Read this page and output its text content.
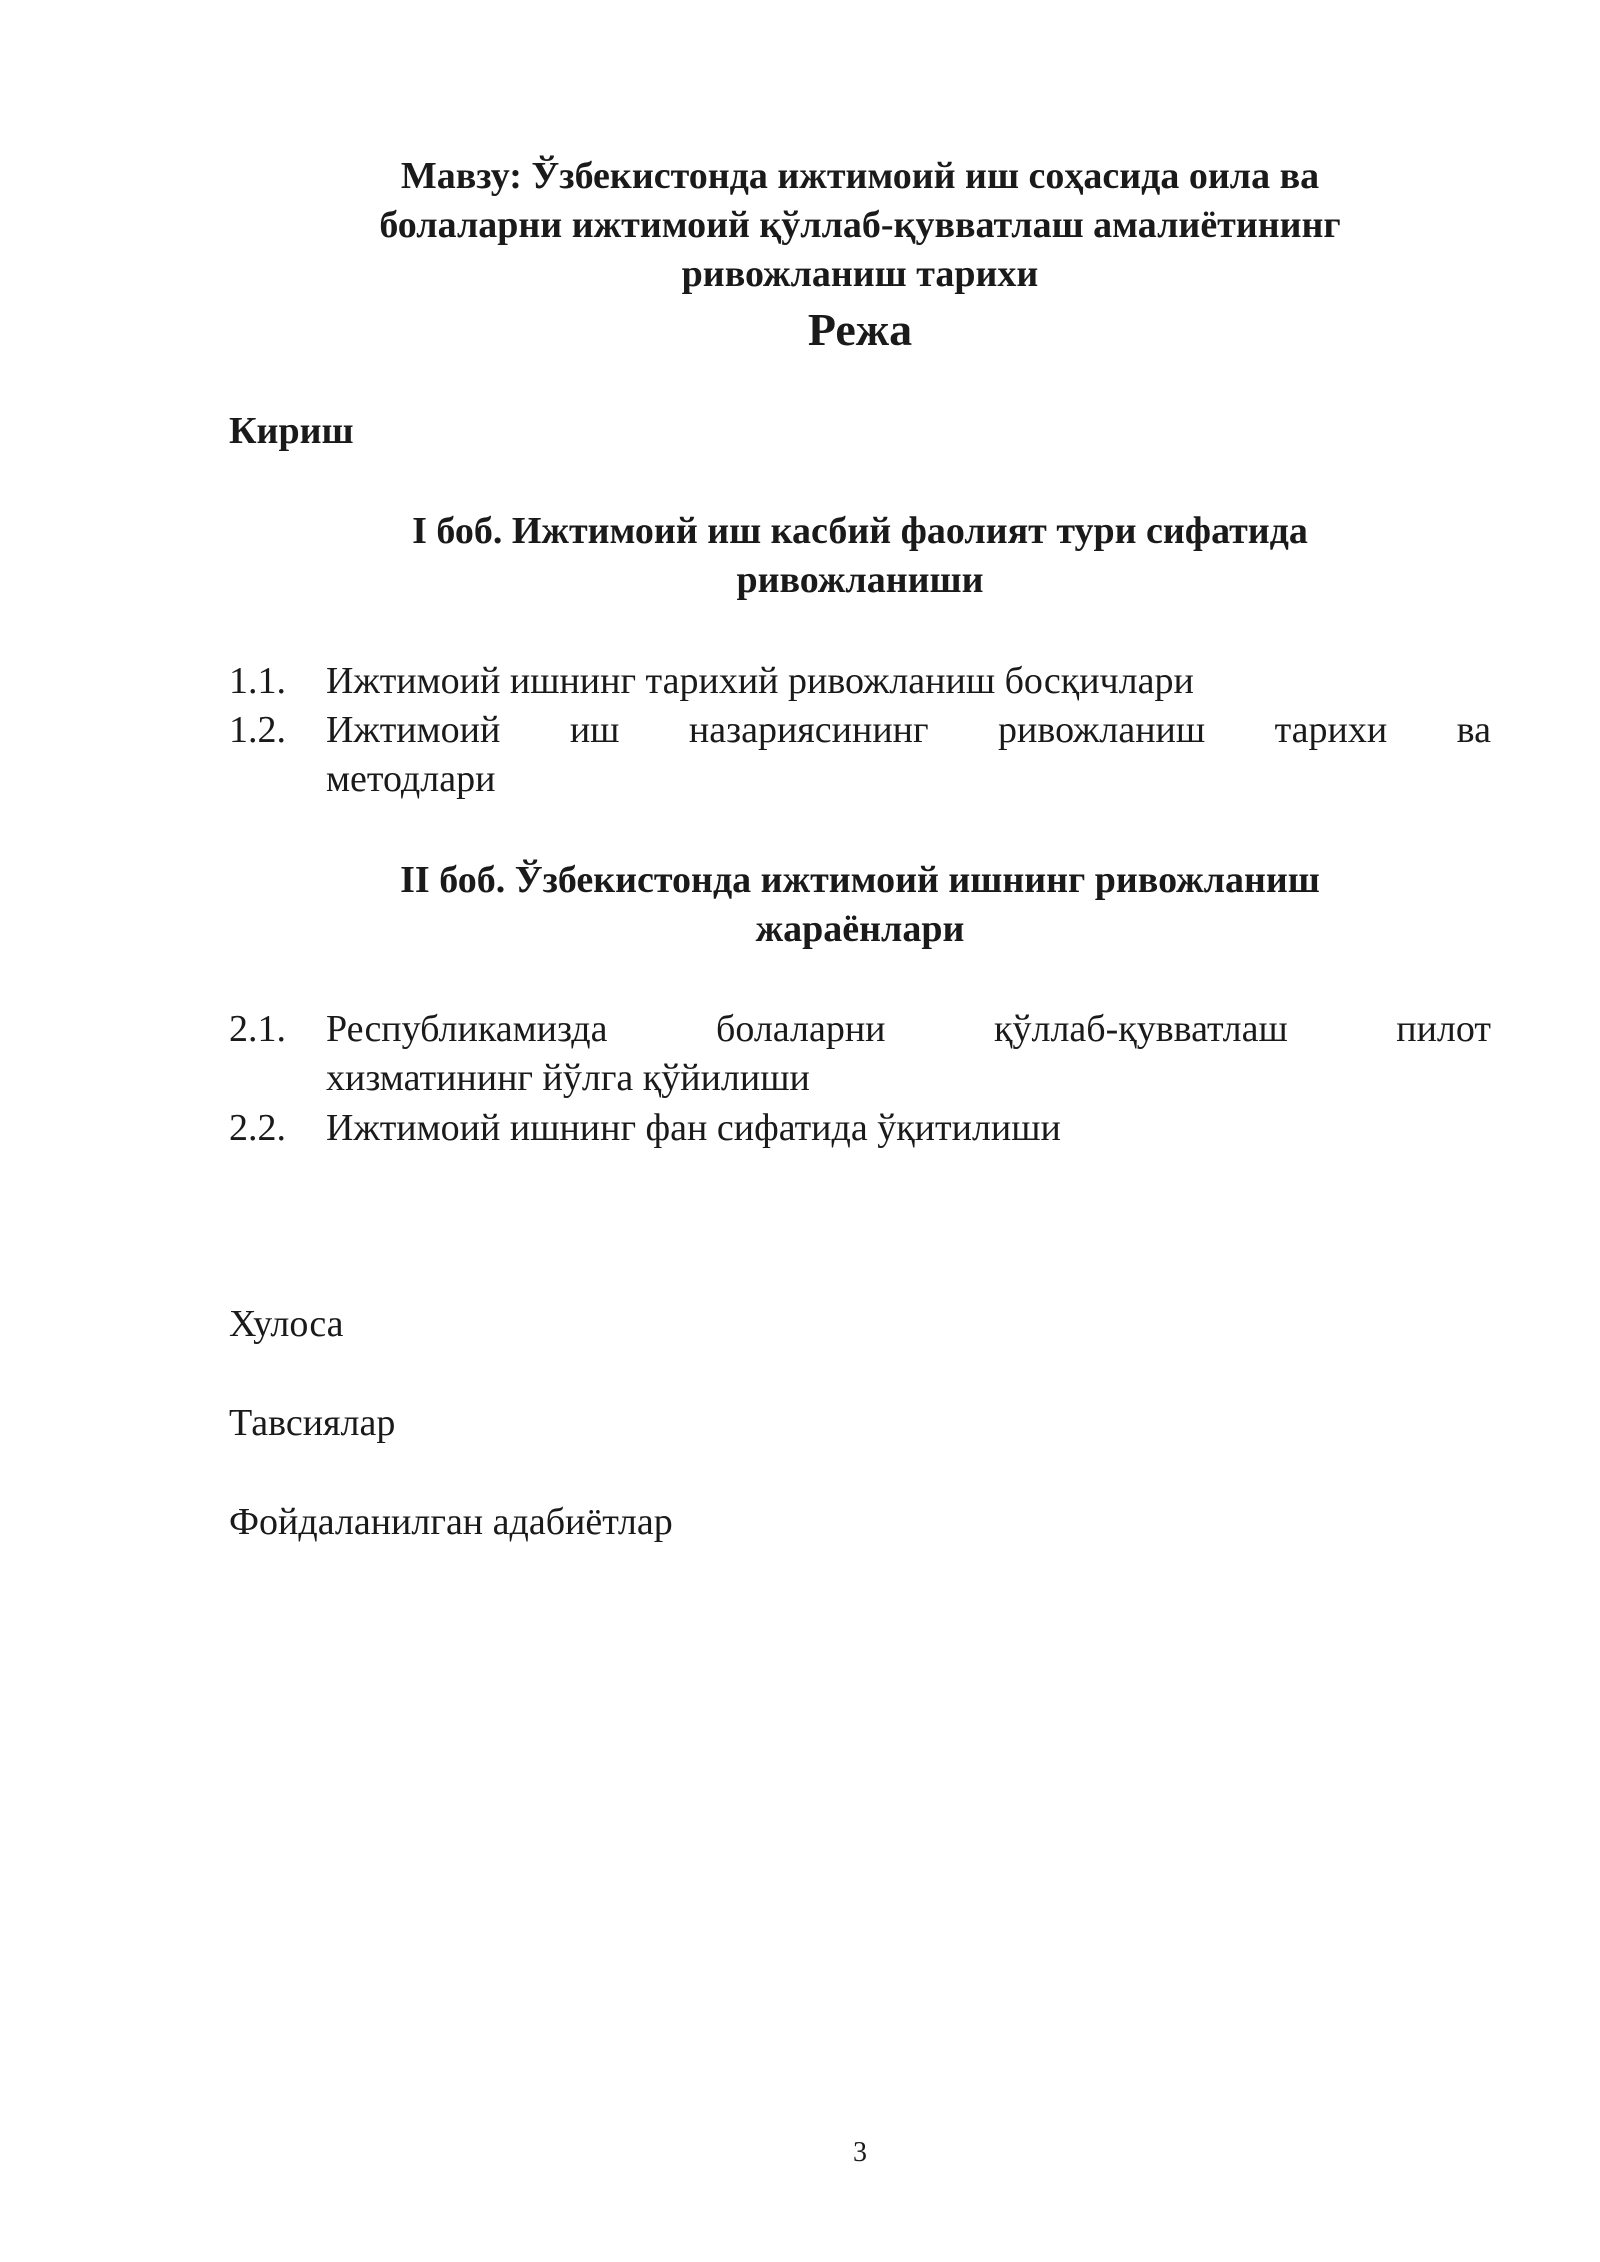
Мавзу: Ўзбекистонда ижтимоий иш соҳасида оила ва
болаларни ижтимоий қўллаб-қувватлаш амалиётининг
ривожланиш тарихи
Режа
Кириш
I боб. Ижтимоий иш касбий фаолият тури сифатида
ривожланиши
1.1.	Ижтимоий ишнинг тарихий ривожланиш босқичлари
1.2.	Ижтимоий иш назариясининг ривожланиш тарихи ва
методлари
II боб. Ўзбекистонда ижтимоий ишнинг ривожланиш
жараёнлари
2.1.	Республикамизда болаларни қўллаб-қувватлаш пилот
хизматининг йўлга қўйилиши
2.2.	Ижтимоий ишнинг фан сифатида ўқитилиши
Хулоса
Тавсиялар
Фойдаланилган адабиётлар
3
